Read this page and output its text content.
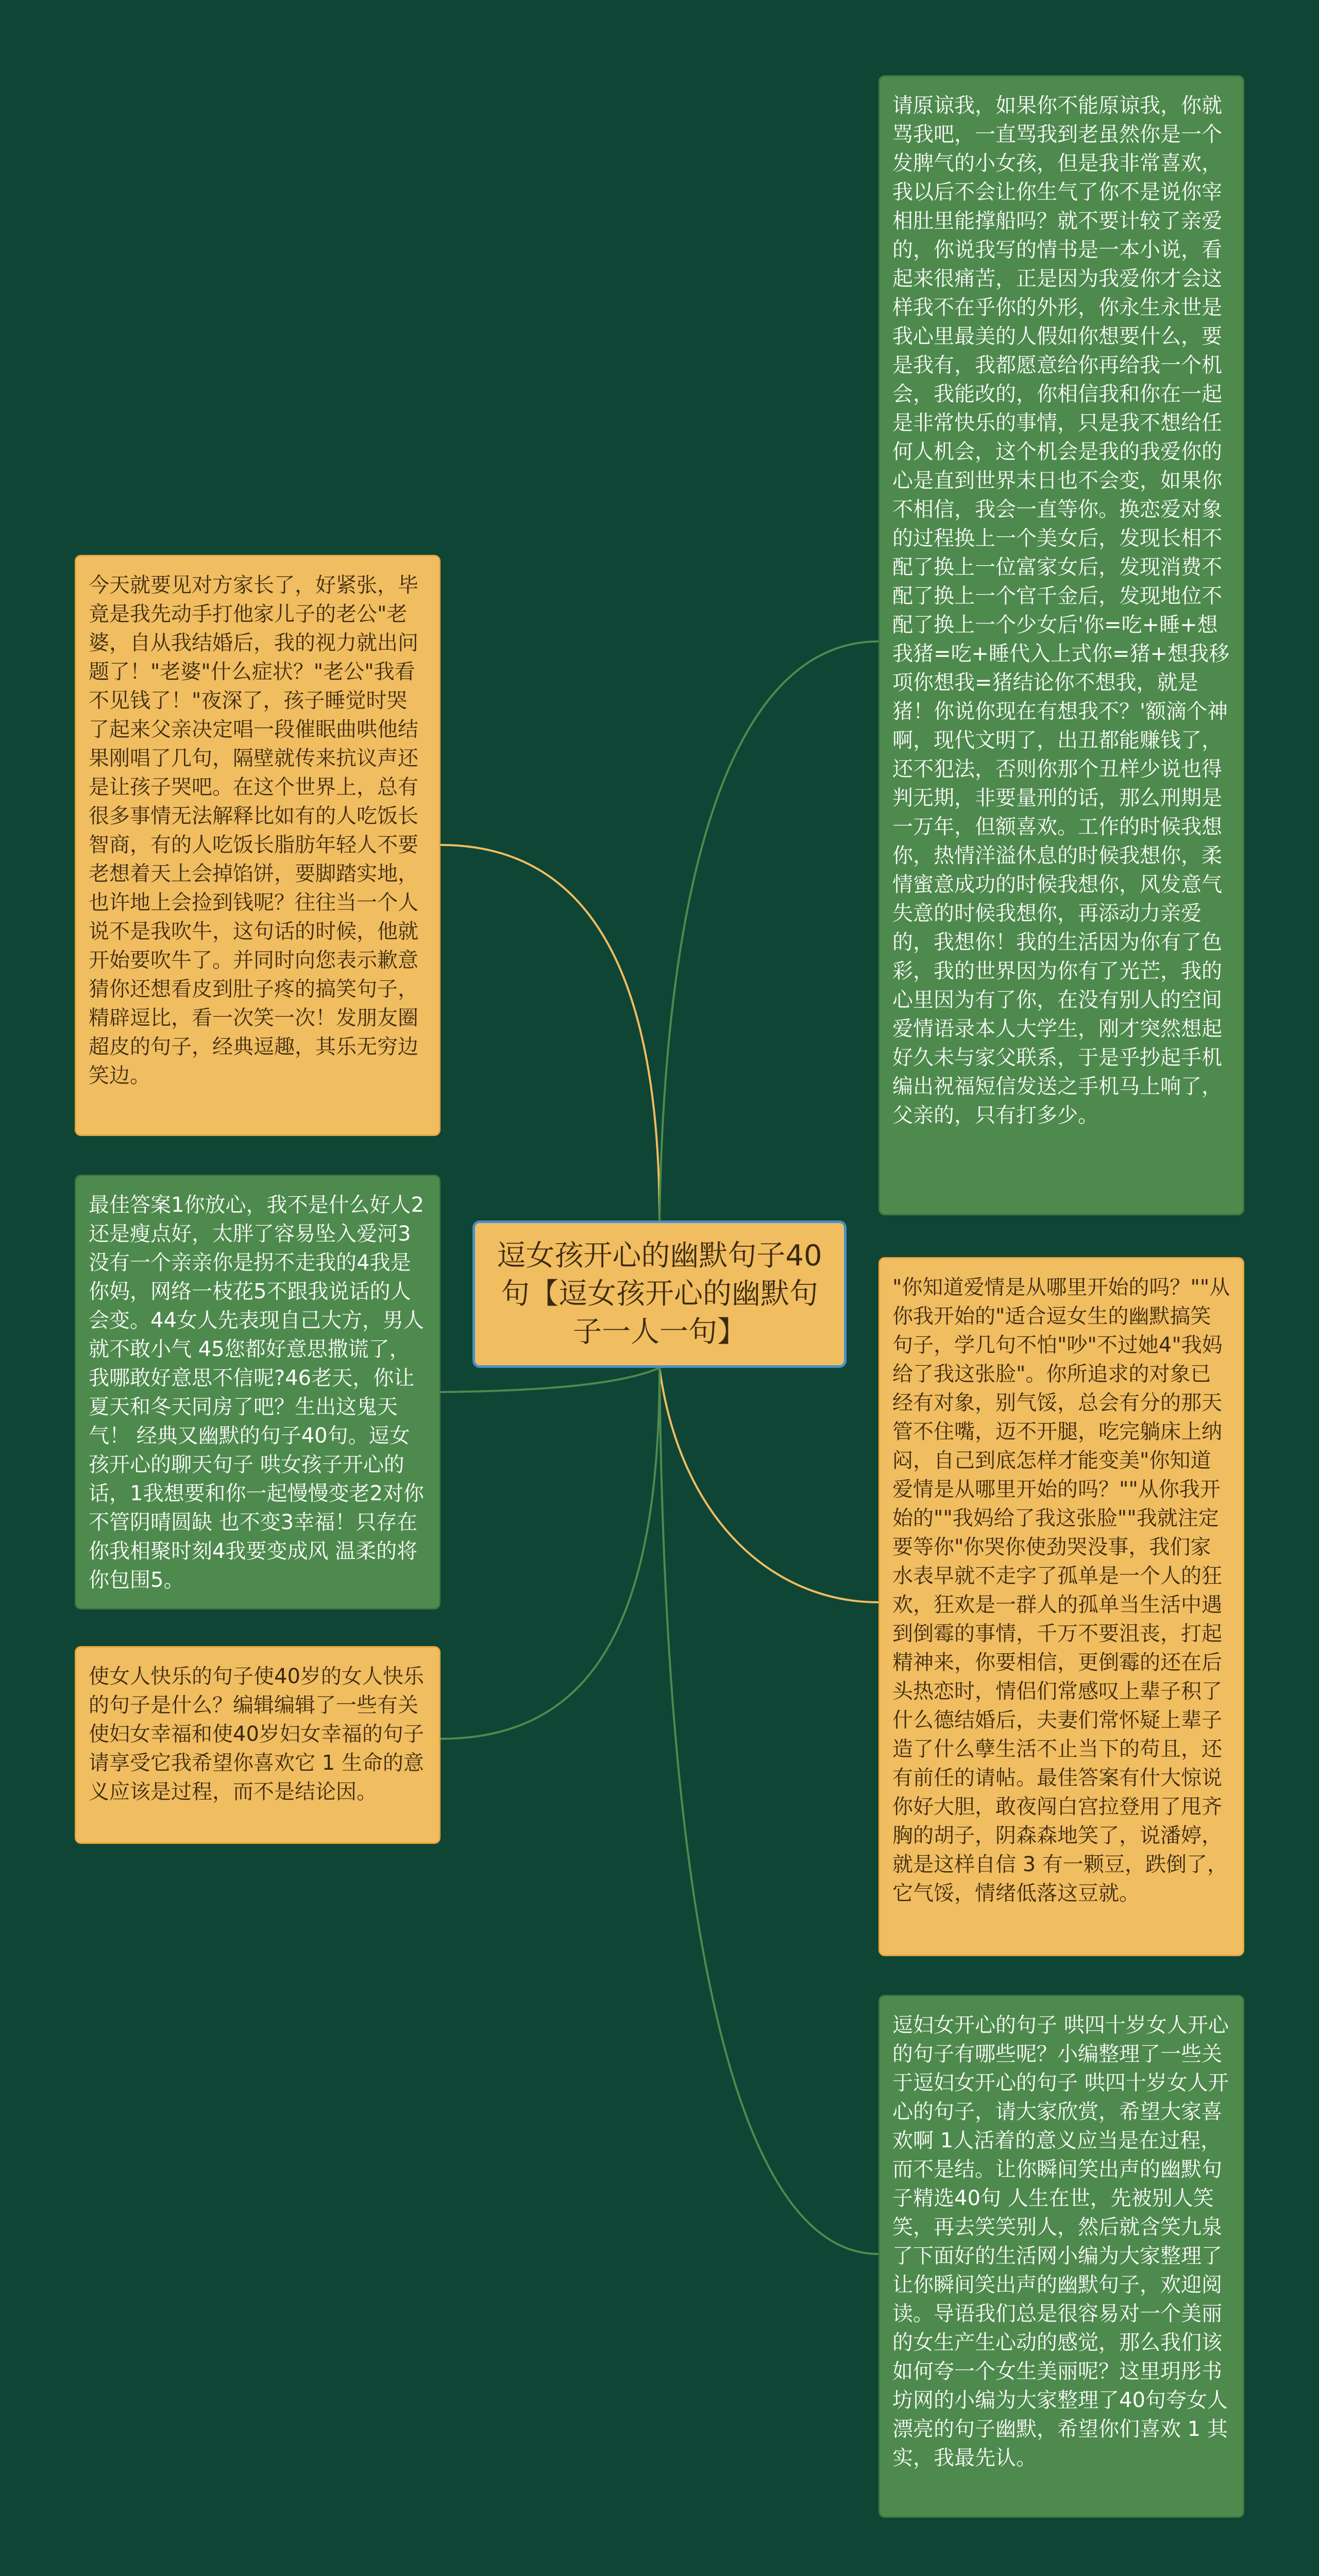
逗女孩开心的幽默句子40句【逗女孩开心的幽默句子一人一句】
今天就要见对方家长了，好紧张，毕竟是我先动手打他家儿子的老公"老婆，自从我结婚后，我的视力就出问题了！"老婆"什么症状？"老公"我看不见钱了！"夜深了，孩子睡觉时哭了起来父亲决定唱一段催眠曲哄他结果刚唱了几句，隔壁就传来抗议声还是让孩子哭吧。在这个世界上，总有很多事情无法解释比如有的人吃饭长智商，有的人吃饭长脂肪年轻人不要老想着天上会掉馅饼，要脚踏实地，也许地上会捡到钱呢？往往当一个人说不是我吹牛，这句话的时候，他就开始要吹牛了。并同时向您表示歉意猜你还想看皮到肚子疼的搞笑句子，精辟逗比，看一次笑一次！发朋友圈超皮的句子，经典逗趣，其乐无穷边笑边。
最佳答案1你放心，我不是什么好人2还是瘦点好，太胖了容易坠入爱河3没有一个亲亲你是拐不走我的4我是你妈，网络一枝花5不跟我说话的人会变。44女人先表现自己大方，男人就不敢小气 45您都好意思撒谎了，我哪敢好意思不信呢?46老天，你让夏天和冬天同房了吧？生出这鬼天气！ 经典又幽默的句子40句。逗女孩开心的聊天句子 哄女孩子开心的话，1我想要和你一起慢慢变老2对你 不管阴晴圆缺 也不变3幸福！只存在你我相聚时刻4我要变成风 温柔的将你包围5。
使女人快乐的句子使40岁的女人快乐的句子是什么？编辑编辑了一些有关使妇女幸福和使40岁妇女幸福的句子请享受它我希望你喜欢它 1 生命的意义应该是过程，而不是结论因。
请原谅我，如果你不能原谅我，你就骂我吧，一直骂我到老虽然你是一个发脾气的小女孩，但是我非常喜欢，我以后不会让你生气了你不是说你宰相肚里能撑船吗？就不要计较了亲爱的，你说我写的情书是一本小说，看起来很痛苦，正是因为我爱你才会这样我不在乎你的外形，你永生永世是我心里最美的人假如你想要什么，要是我有，我都愿意给你再给我一个机会，我能改的，你相信我和你在一起是非常快乐的事情，只是我不想给任何人机会，这个机会是我的我爱你的心是直到世界末日也不会变，如果你不相信，我会一直等你。换恋爱对象的过程换上一个美女后，发现长相不配了换上一位富家女后，发现消费不配了换上一个官千金后，发现地位不配了换上一个少女后'你=吃+睡+想我猪=吃+睡代入上式你=猪+想我移项你想我=猪结论你不想我，就是猪！你说你现在有想我不？'额滴个神啊，现代文明了，出丑都能赚钱了，还不犯法，否则你那个丑样少说也得判无期，非要量刑的话，那么刑期是一万年，但额喜欢。工作的时候我想你，热情洋溢休息的时候我想你，柔情蜜意成功的时候我想你，风发意气失意的时候我想你，再添动力亲爱的，我想你！我的生活因为你有了色彩，我的世界因为你有了光芒，我的心里因为有了你，在没有别人的空间爱情语录本人大学生，刚才突然想起好久未与家父联系，于是乎抄起手机编出祝福短信发送之手机马上响了，父亲的，只有打多少。
"你知道爱情是从哪里开始的吗？""从你我开始的"适合逗女生的幽默搞笑句子，学几句不怕"吵"不过她4"我妈给了我这张脸"。你所追求的对象已经有对象，别气馁，总会有分的那天管不住嘴，迈不开腿，吃完躺床上纳闷，自己到底怎样才能变美"你知道爱情是从哪里开始的吗？""从你我开始的""我妈给了我这张脸""我就注定要等你"你哭你使劲哭没事，我们家水表早就不走字了孤单是一个人的狂欢，狂欢是一群人的孤单当生活中遇到倒霉的事情，千万不要沮丧，打起精神来，你要相信，更倒霉的还在后头热恋时，情侣们常感叹上辈子积了什么德结婚后，夫妻们常怀疑上辈子造了什么孽生活不止当下的苟且，还有前任的请帖。最佳答案有什大惊说你好大胆，敢夜闯白宫拉登用了甩齐胸的胡子，阴森森地笑了，说潘婷，就是这样自信 3 有一颗豆，跌倒了，它气馁，情绪低落这豆就。
逗妇女开心的句子 哄四十岁女人开心的句子有哪些呢？小编整理了一些关于逗妇女开心的句子 哄四十岁女人开心的句子，请大家欣赏，希望大家喜欢啊 1人活着的意义应当是在过程，而不是结。让你瞬间笑出声的幽默句子精选40句 人生在世，先被别人笑笑，再去笑笑别人，然后就含笑九泉了下面好的生活网小编为大家整理了让你瞬间笑出声的幽默句子，欢迎阅读。导语我们总是很容易对一个美丽的女生产生心动的感觉，那么我们该如何夸一个女生美丽呢？这里玥彤书坊网的小编为大家整理了40句夸女人漂亮的句子幽默，希望你们喜欢 1 其实，我最先认。
